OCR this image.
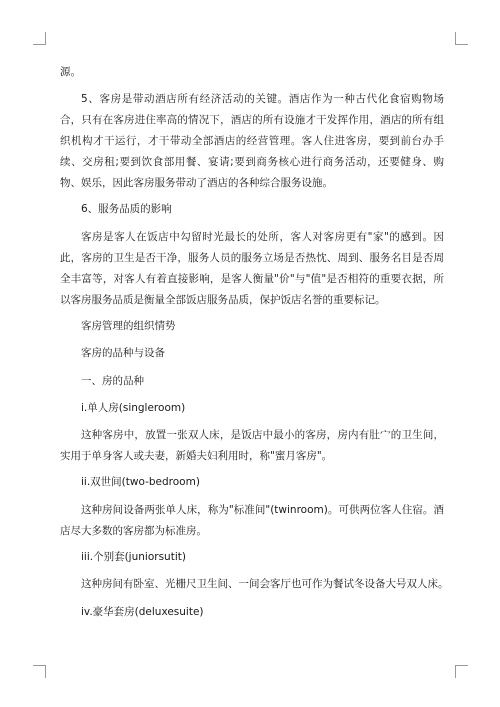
源。

5、客房是带动酒店所有经济活动的关键。酒店作为一种古代化食宿购物场合，只有在客房进住率高的情况下，酒店的所有设施才干发挥作用，酒店的所有组织机构才干运行，才干带动全部酒店的经营管理。客人住进客房，要到前台办手续、交房租;要到饮食部用餐、宴请;要到商务核心进行商务活动，还要健身、购物、娱乐，因此客房服务带动了酒店的各种综合服务设施。

6、服务品质的影响

客房是客人在饭店中勾留时光最长的处所，客人对客房更有"家"的感到。因此，客房的卫生是否干净，服务人员的服务立场是否热忱、周到、服务名目是否周全丰富等，对客人有着直接影响，是客人衡量"价"与"值"是否相符的重要衣据，所以客房服务品质是衡量全部饭店服务品质，保护饭店名誉的重要标记。

客房管理的组织情势

客房的品种与设备

一、房的品种

i.单人房(singleroom)

这种客房中，放置一张双人床，是饭店中最小的客房，房内有肚宀的卫生间，实用于单身客人或夫妻，新婚夫妇利用时，称"蜜月客房"。

ii.双世间(two-bedroom)

这种房间设备两张单人床，称为"标准间"(twinroom)。可供两位客人住宿。酒店尽大多数的客房都为标准房。

iii.个别套(juniorsutit)

这种房间有卧室、光栅尺卫生间、一间会客厅也可作为餐试冬设备大号双人床。

iv.豪华套房(deluxesuite)
